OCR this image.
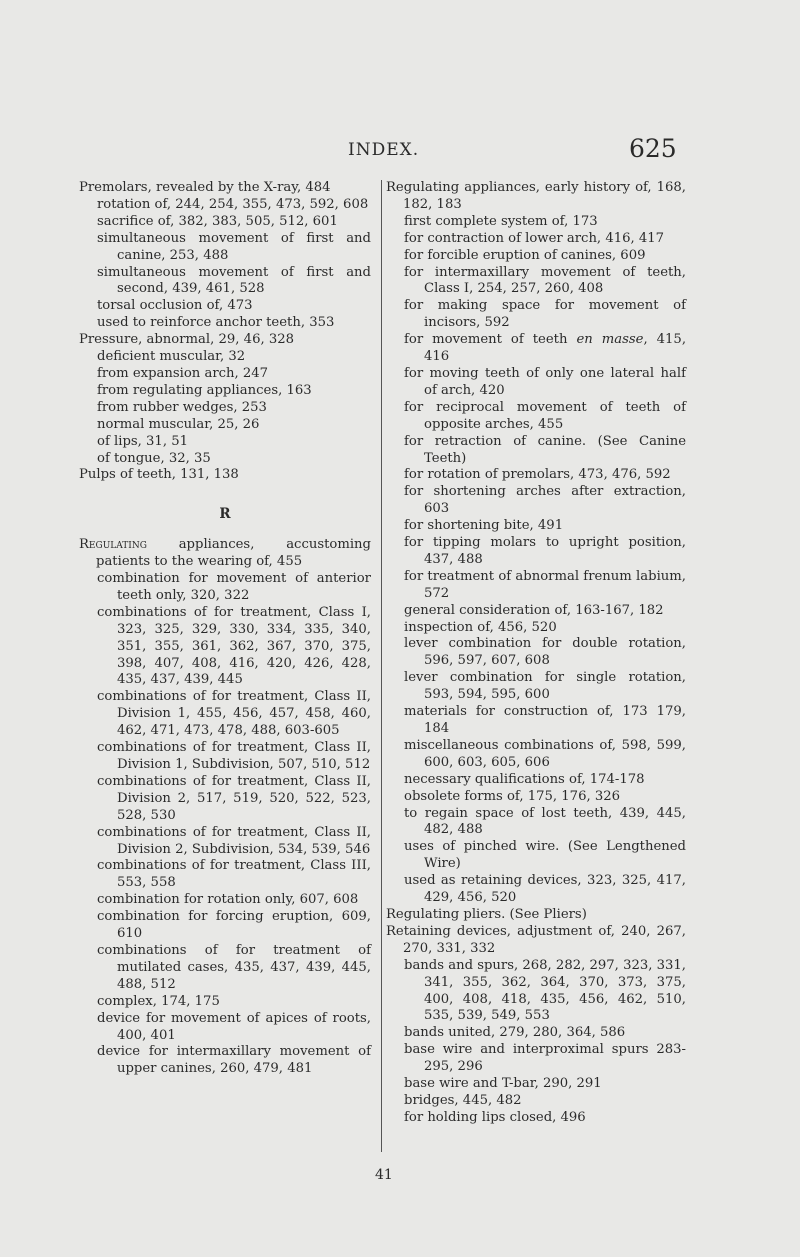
INDEX.	625
Premolars, revealed by the X-ray, 484
rotation of, 244, 254, 355, 473, 592, 608
sacrifice of, 382, 383, 505, 512, 601
simultaneous movement of first and canine, 253, 488
simultaneous movement of first and second, 439, 461, 528
torsal occlusion of, 473
used to reinforce anchor teeth, 353
Pressure, abnormal, 29, 46, 328
deficient muscular, 32
from expansion arch, 247
from regulating appliances, 163
from rubber wedges, 253
normal muscular, 25, 26
of lips, 31, 51
of tongue, 32, 35
Pulps of teeth, 131, 138
R
Regulating appliances, accustoming patients to the wearing of, 455
combination for movement of anterior teeth only, 320, 322
combinations of for treatment, Class I, 323, 325, 329, 330, 334, 335, 340, 351, 355, 361, 362, 367, 370, 375, 398, 407, 408, 416, 420, 426, 428, 435, 437, 439, 445
combinations of for treatment, Class II, Division 1, 455, 456, 457, 458, 460, 462, 471, 473, 478, 488, 603-605
combinations of for treatment, Class II, Division 1, Subdivision, 507, 510, 512
combinations of for treatment, Class II, Division 2, 517, 519, 520, 522, 523, 528, 530
combinations of for treatment, Class II, Division 2, Subdivision, 534, 539, 546
combinations of for treatment, Class III, 553, 558
combination for rotation only, 607, 608
combination for forcing eruption, 609, 610
combinations of for treatment of mutilated cases, 435, 437, 439, 445, 488, 512
complex, 174, 175
device for movement of apices of roots, 400, 401
device for intermaxillary movement of upper canines, 260, 479, 481
Regulating appliances, early history of, 168, 182, 183
first complete system of, 173
for contraction of lower arch, 416, 417
for forcible eruption of canines, 609
for intermaxillary movement of teeth, Class I, 254, 257, 260, 408
for making space for movement of incisors, 592
for movement of teeth en masse, 415, 416
for moving teeth of only one lateral half of arch, 420
for reciprocal movement of teeth of opposite arches, 455
for retraction of canine. (See Canine Teeth)
for rotation of premolars, 473, 476, 592
for shortening arches after extraction, 603
for shortening bite, 491
for tipping molars to upright position, 437, 488
for treatment of abnormal frenum labium, 572
general consideration of, 163-167, 182
inspection of, 456, 520
lever combination for double rotation, 596, 597, 607, 608
lever combination for single rotation, 593, 594, 595, 600
materials for construction of, 173 179, 184
miscellaneous combinations of, 598, 599, 600, 603, 605, 606
necessary qualifications of, 174-178
obsolete forms of, 175, 176, 326
to regain space of lost teeth, 439, 445, 482, 488
uses of pinched wire. (See Lengthened Wire)
used as retaining devices, 323, 325, 417, 429, 456, 520
Regulating pliers. (See Pliers)
Retaining devices, adjustment of, 240, 267, 270, 331, 332
bands and spurs, 268, 282, 297, 323, 331, 341, 355, 362, 364, 370, 373, 375, 400, 408, 418, 435, 456, 462, 510, 535, 539, 549, 553
bands united, 279, 280, 364, 586
base wire and interproximal spurs 283-295, 296
base wire and T-bar, 290, 291
bridges, 445, 482
for holding lips closed, 496
41
